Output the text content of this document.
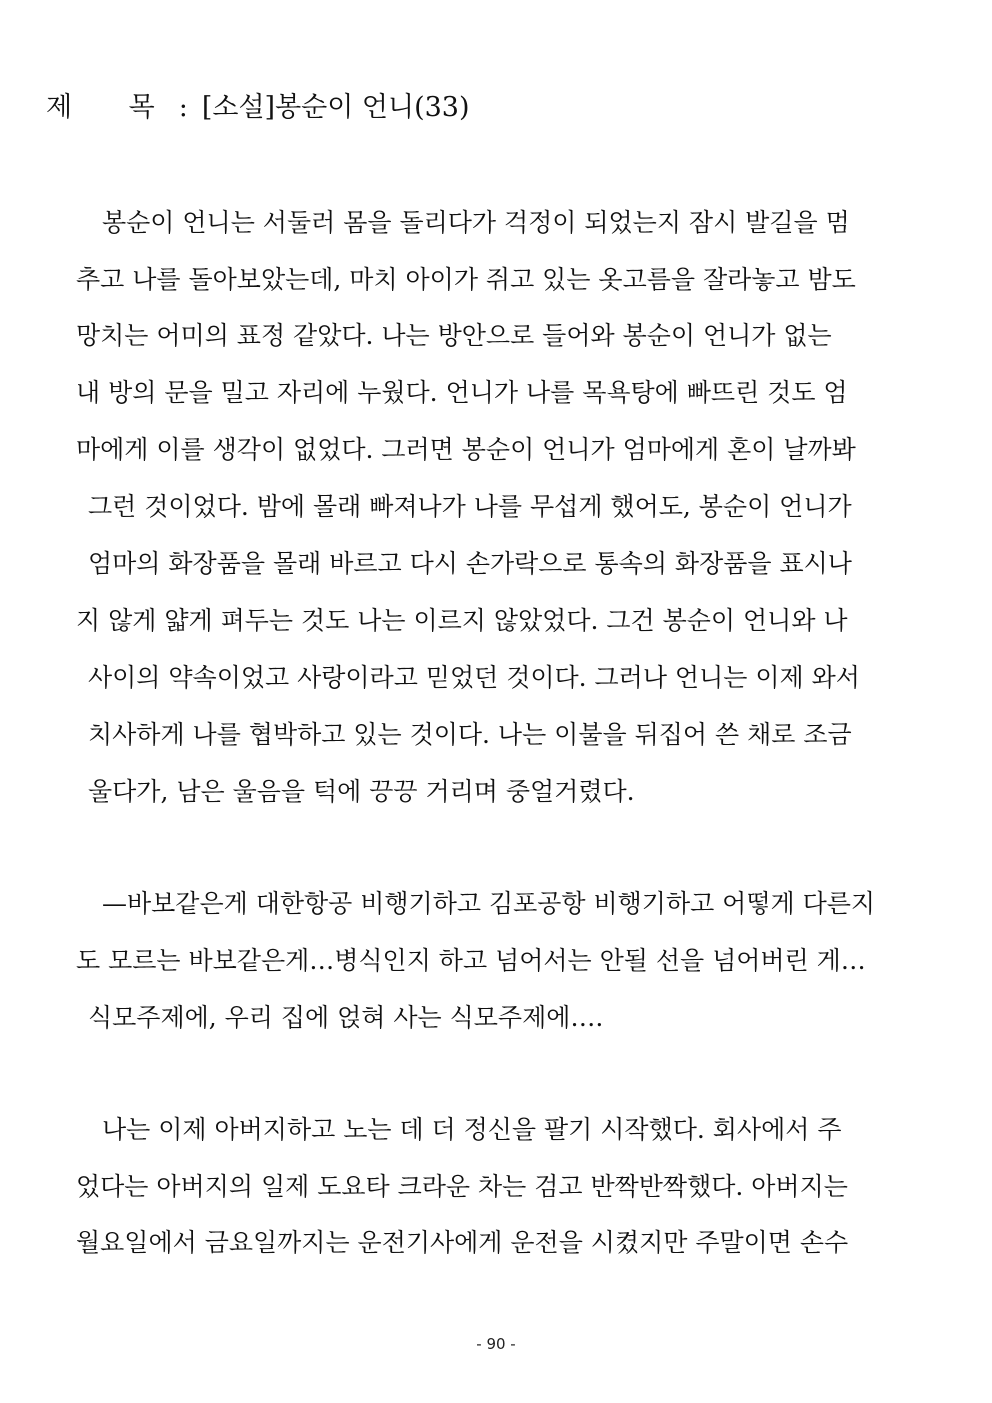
제 목: [소설]봉순이 언니(33)
봉순이 언니는 서둘러 몸을 돌리다가 걱정이 되었는지 잠시 발길을 멈
추고 나를 돌아보았는데, 마치 아이가 쥐고 있는 옷고름을 잘라놓고 밤도
망치는 어미의 표정 같았다. 나는 방안으로 들어와 봉순이 언니가 없는
내 방의 문을 밀고 자리에 누웠다. 언니가 나를 목욕탕에 빠뜨린 것도 엄
마에게 이를 생각이 없었다. 그러면 봉순이 언니가 엄마에게 혼이 날까봐
그런 것이었다. 밤에 몰래 빠져나가 나를 무섭게 했어도, 봉순이 언니가
엄마의 화장품을 몰래 바르고 다시 손가락으로 통속의 화장품을 표시나
지 않게 얇게 펴두는 것도 나는 이르지 않았었다. 그건 봉순이 언니와 나
사이의 약속이었고 사랑이라고 믿었던 것이다. 그러나 언니는 이제 와서
치사하게 나를 협박하고 있는 것이다. 나는 이불을 뒤집어 쓴 채로 조금
울다가, 남은 울음을 턱에 끙끙 거리며 중얼거렸다.
—바보같은게 대한항공 비행기하고 김포공항 비행기하고 어떻게 다른지
도 모르는 바보같은게…병식인지 하고 넘어서는 안될 선을 넘어버린 게…
식모주제에, 우리 집에 얹혀 사는 식모주제에….
나는 이제 아버지하고 노는 데 더 정신을 팔기 시작했다. 회사에서 주
었다는 아버지의 일제 도요타 크라운 차는 검고 반짝반짝했다. 아버지는
월요일에서 금요일까지는 운전기사에게 운전을 시켰지만 주말이면 손수
- 90 -
